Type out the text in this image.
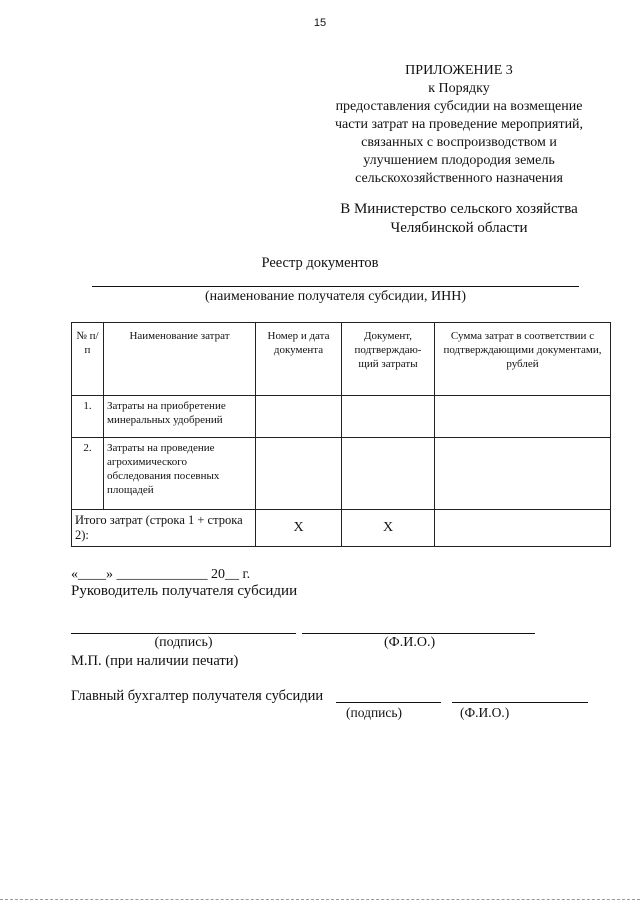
15
ПРИЛОЖЕНИЕ 3
к Порядку
предоставления субсидии на возмещение
части затрат на проведение мероприятий,
связанных с воспроизводством и
улучшением плодородия земель
сельскохозяйственного назначения
В Министерство сельского хозяйства
Челябинской области
Реестр документов
(наименование получателя субсидии, ИНН)
№ п/п	Наименование затрат	Номер и дата документа	Документ, подтверждаю-щий затраты	Сумма затрат в соответствии с подтверждающими документами, рублей
1.	Затраты на приобретение минеральных удобрений			
2.	Затраты на проведение агрохимического обследования посевных площадей			
Итого затрат (строка 1 + строка 2):		X	X	
«____» _____________ 20__ г.
Руководитель получателя субсидии
(подпись)	(Ф.И.О.)
М.П. (при наличии печати)
Главный бухгалтер получателя субсидии
(подпись)	(Ф.И.О.)
